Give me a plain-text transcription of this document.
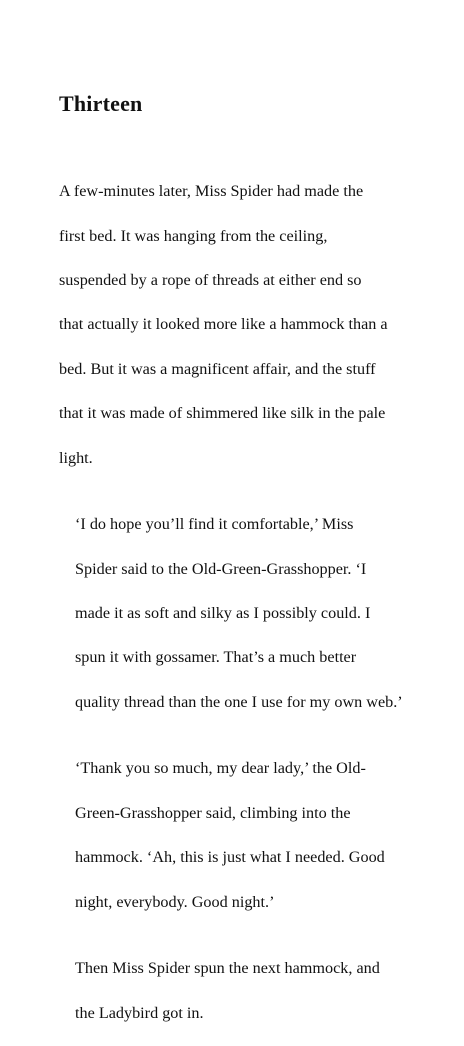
Thirteen

A few-minutes later, Miss Spider had made the

first bed. It was hanging from the ceiling,

suspended by a rope of threads at either end so

that actually it looked more like a hammock than a

bed. But it was a magnificent affair, and the stuff

that it was made of shimmered like silk in the pale

light.

‘I do hope you’ll find it comfortable,’ Miss

Spider said to the Old-Green-Grasshopper. ‘I

made it as soft and silky as I possibly could. I

spun it with gossamer. That’s a much better

quality thread than the one I use for my own web.’

‘Thank you so much, my dear lady,’ the Old-

Green-Grasshopper said, climbing into the

hammock. ‘Ah, this is just what I needed. Good

night, everybody. Good night.’

Then Miss Spider spun the next hammock, and

the Ladybird got in.
